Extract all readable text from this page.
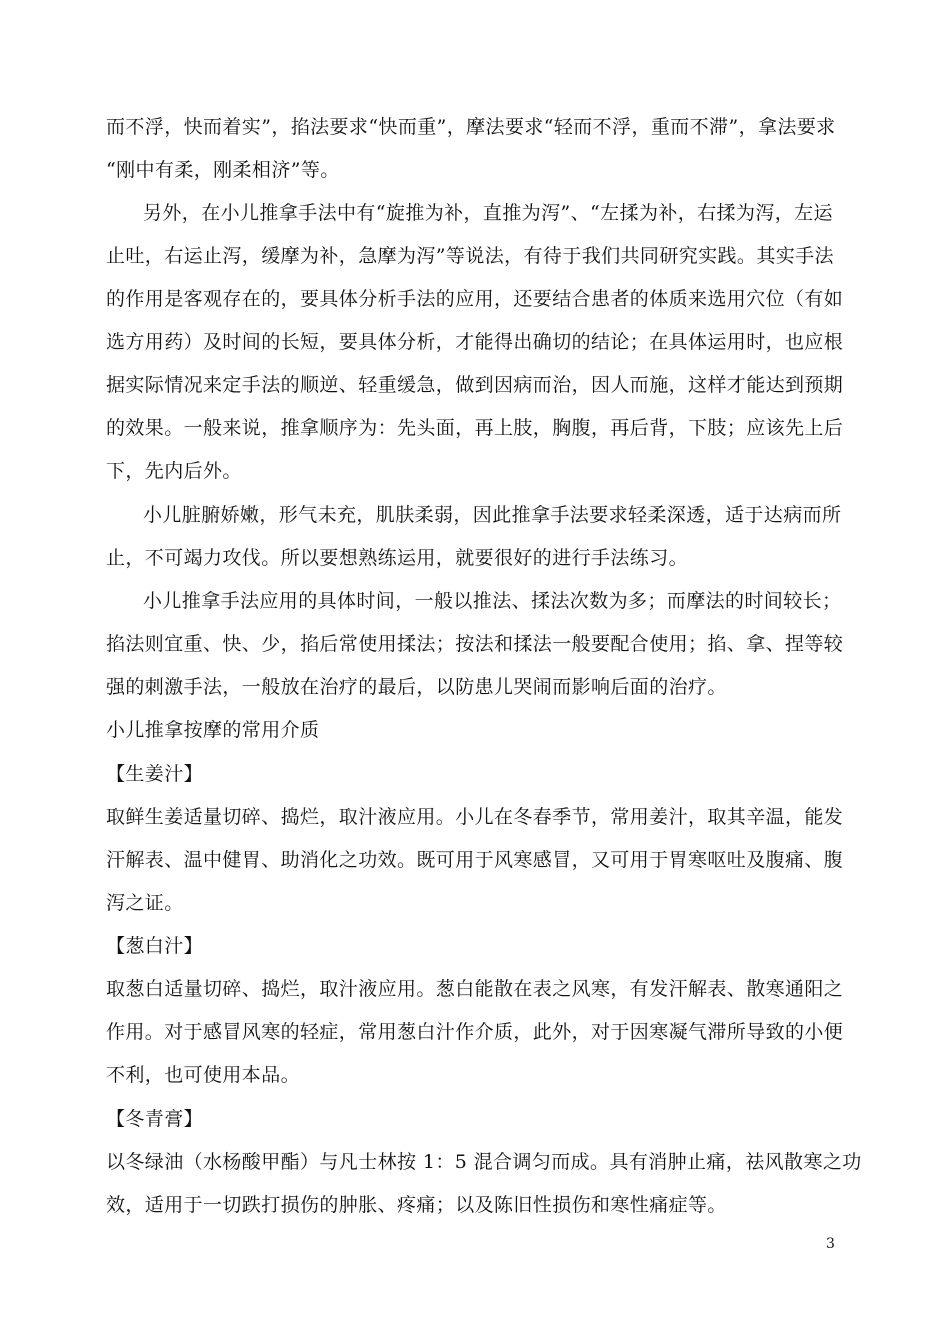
而不浮，快而着实”，掐法要求“快而重”，摩法要求“轻而不浮，重而不滞”，拿法要求
“刚中有柔，刚柔相济”等。
另外，在小儿推拿手法中有“旋推为补，直推为泻”、“左揉为补，右揉为泻，左运
止吐，右运止泻，缓摩为补，急摩为泻”等说法，有待于我们共同研究实践。其实手法
的作用是客观存在的，要具体分析手法的应用，还要结合患者的体质来选用穴位（有如
选方用药）及时间的长短，要具体分析，才能得出确切的结论；在具体运用时，也应根
据实际情况来定手法的顺逆、轻重缓急，做到因病而治，因人而施，这样才能达到预期
的效果。一般来说，推拿顺序为：先头面，再上肢，胸腹，再后背，下肢；应该先上后
下，先内后外。
小儿脏腑娇嫩，形气未充，肌肤柔弱，因此推拿手法要求轻柔深透，适于达病而所
止，不可竭力攻伐。所以要想熟练运用，就要很好的进行手法练习。
小儿推拿手法应用的具体时间，一般以推法、揉法次数为多；而摩法的时间较长；
掐法则宜重、快、少，掐后常使用揉法；按法和揉法一般要配合使用；掐、拿、捏等较
强的刺激手法，一般放在治疗的最后，以防患儿哭闹而影响后面的治疗。
小儿推拿按摩的常用介质
【生姜汁】
取鲜生姜适量切碎、捣烂，取汁液应用。小儿在冬春季节，常用姜汁，取其辛温，能发
汗解表、温中健胃、助消化之功效。既可用于风寒感冒，又可用于胃寒呕吐及腹痛、腹
泻之证。
【葱白汁】
取葱白适量切碎、捣烂，取汁液应用。葱白能散在表之风寒，有发汗解表、散寒通阳之
作用。对于感冒风寒的轻症，常用葱白汁作介质，此外，对于因寒凝气滞所导致的小便
不利，也可使用本品。
【冬青膏】
以冬绿油（水杨酸甲酯）与凡士林按 1：5 混合调匀而成。具有消肿止痛，祛风散寒之功
效，适用于一切跌打损伤的肿胀、疼痛；以及陈旧性损伤和寒性痛症等。
3
